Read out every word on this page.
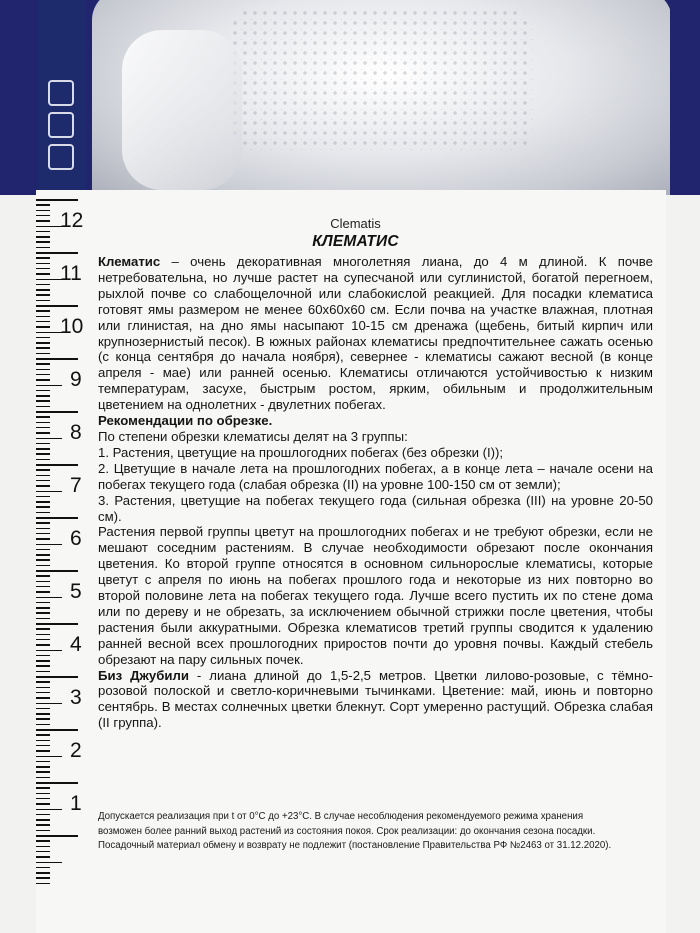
12
11
10
9
8
7
6
5
4
3
2
1
Clematis
КЛЕМАТИС

Клематис – очень декоративная многолетняя лиана, до 4 м длиной. К почве нетребовательна, но лучше растет на супесчаной или суглинистой, богатой перегноем, рыхлой почве со слабощелочной или слабокислой реакцией. Для посадки клематиса готовят ямы размером не менее 60х60х60 см. Если почва на участке влажная, плотная или глинистая, на дно ямы насыпают 10-15 см дренажа (щебень, битый кирпич или крупнозернистый песок). В южных районах клематисы предпочтительнее сажать осенью (с конца сентября до начала ноября), севернее - клематисы сажают весной (в конце апреля - мае) или ранней осенью. Клематисы отличаются устойчивостью к низким температурам, засухе, быстрым ростом, ярким, обильным и продолжительным цветением на однолетних - двулетних побегах.

Рекомендации по обрезке.

По степени обрезки клематисы делят на 3 группы:

1. Растения, цветущие на прошлогодних побегах (без обрезки (I));

2. Цветущие в начале лета на прошлогодних побегах, а в конце лета – начале осени на побегах текущего года (слабая обрезка (II) на уровне 100-150 см от земли);

3. Растения, цветущие на побегах текущего года (сильная обрезка (III) на уровне 20-50 см).

Растения первой группы цветут на прошлогодних побегах и не требуют обрезки, если не мешают соседним растениям. В случае необходимости обрезают после окончания цветения. Ко второй группе относятся в основном сильнорослые клематисы, которые цветут с апреля по июнь на побегах прошлого года и некоторые из них повторно во второй половине лета на побегах текущего года. Лучше всего пустить их по стене дома или по дереву и не обрезать, за исключением обычной стрижки после цветения, чтобы растения были аккуратными. Обрезка клематисов третий группы сводится к удалению ранней весной всех прошлогодних приростов почти до уровня почвы. Каждый стебель обрезают на пару сильных почек.

Биз Джубили - лиана длиной до 1,5-2,5 метров. Цветки лилово-розовые, с тёмно-розовой полоской и светло-коричневыми тычинками. Цветение: май, июнь и повторно сентябрь. В местах солнечных цветки блекнут. Сорт умеренно растущий. Обрезка слабая (II группа).

Допускается реализация при t от 0°С до +23°С. В случае несоблюдения рекомендуемого режима хранения
возможен более ранний выход растений из состояния покоя. Срок реализации: до окончания сезона посадки.
Посадочный материал обмену и возврату не подлежит (постановление Правительства РФ №2463 от 31.12.2020).
